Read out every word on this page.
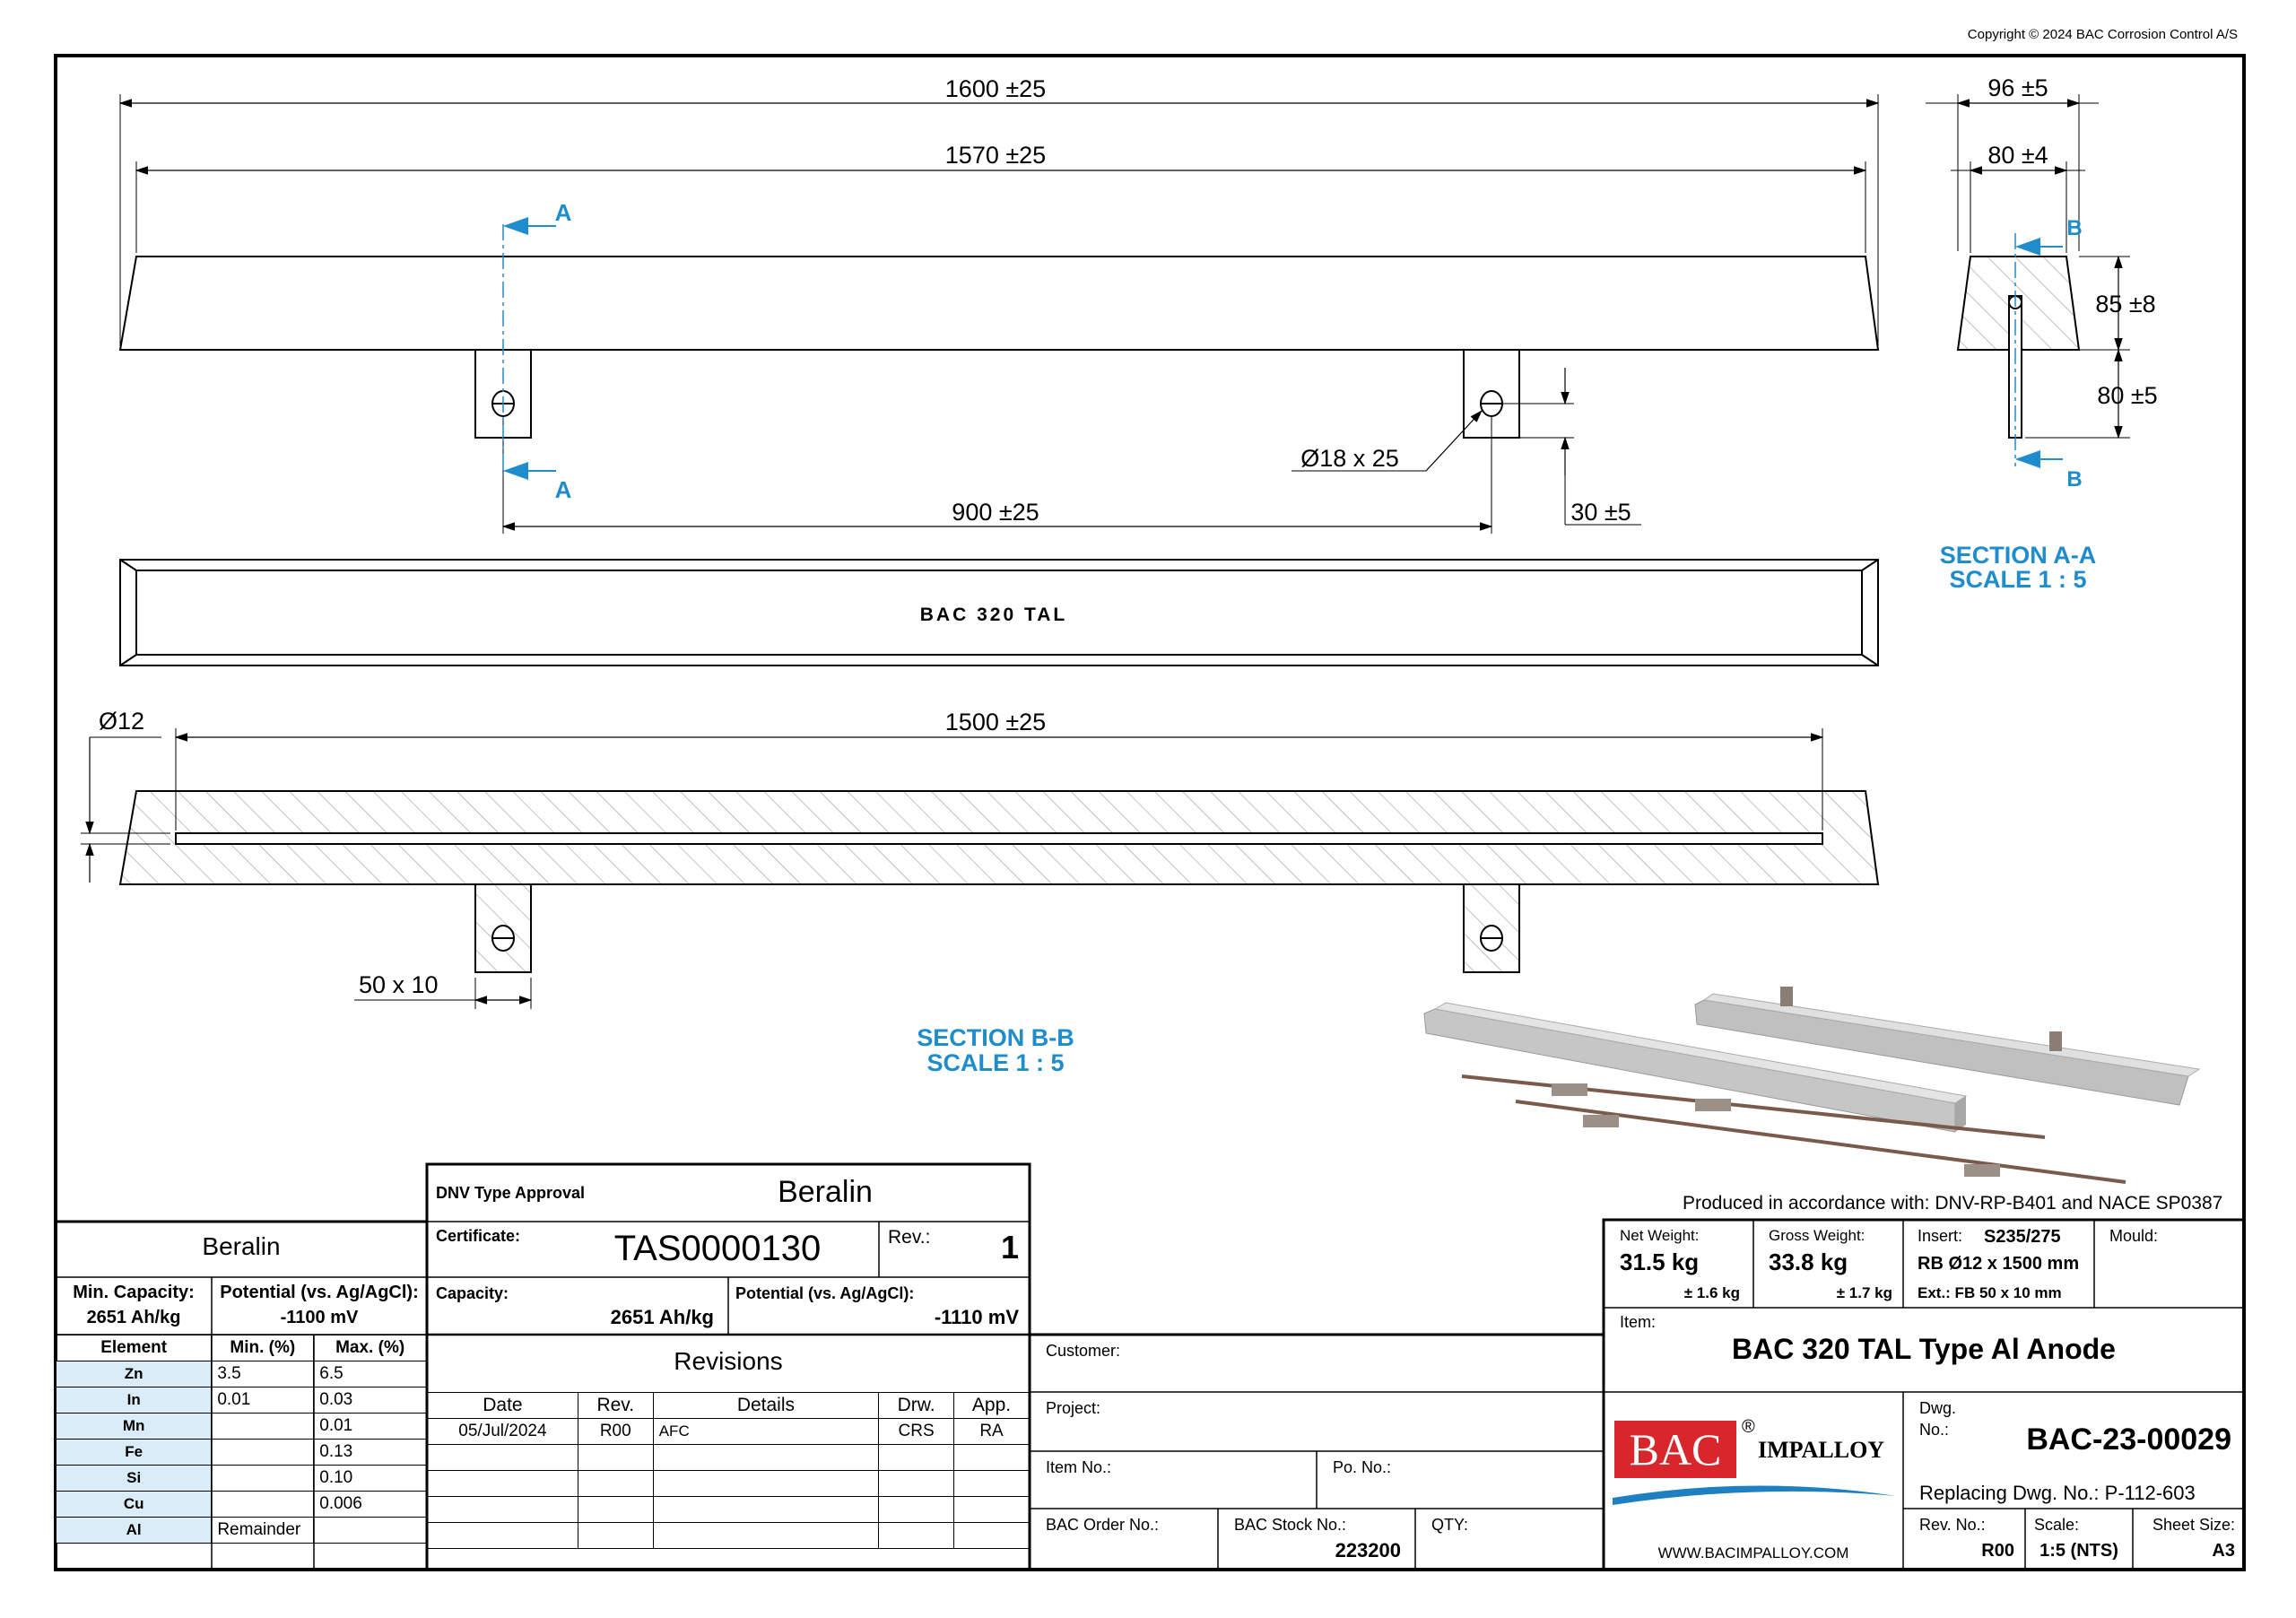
Copyright © 2024 BAC Corrosion Control A/S
1600 ±25
1570 ±25
900 ±25
Ø18 x 25
30 ±5
A
A
BAC 320 TAL
1500 ±25
Ø12
50 x 10
SECTION B-B
SCALE 1 : 5
96 ±5
80 ±4
85 ±8
80 ±5
B
B
SECTION A-A
SCALE 1 : 5
Produced in accordance with: DNV-RP-B401 and NACE SP0387
Beralin
Min. Capacity:
2651 Ah/kg
Potential (vs. Ag/AgCl):
-1100 mV
Element	Min. (%)	Max. (%)
Zn	3.5	6.5
In	0.01	0.03
Mn		0.01
Fe		0.13
Si		0.10
Cu		0.006
Al	Remainder	
DNV Type Approval	Beralin
Certificate:	TAS0000130	Rev.:	1
Capacity:
2651 Ah/kg
Potential (vs. Ag/AgCl):
-1110 mV
Revisions
Date	Rev.	Details	Drw.	App.
05/Jul/2024	R00	AFC	CRS	RA

Customer:
Project:
Item No.:	Po. No.:
BAC Order No.:	BAC Stock No.:
223200
QTY:
Net Weight:
31.5 kg
± 1.6 kg
Gross Weight:
33.8 kg
± 1.7 kg
Insert: S235/275
RB Ø12 x 1500 mm
Ext.: FB 50 x 10 mm
Mould:
Item:
BAC 320 TAL Type Al Anode
BAC	®
IMPALLOY
WWW.BACIMPALLOY.COM
Dwg.
No.:	BAC-23-00029
Replacing Dwg. No.: P-112-603
Rev. No.:
R00
Scale:
1:5 (NTS)
Sheet Size:
A3
